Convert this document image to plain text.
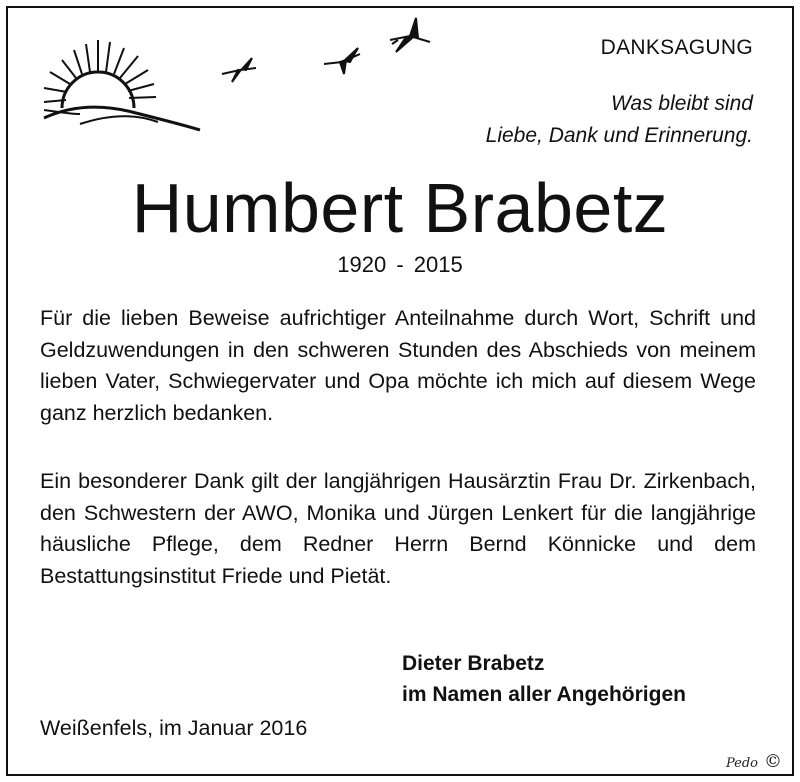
DANKSAGUNG
Was bleibt sind
Liebe, Dank und Erinnerung.
Humbert Brabetz
1920 - 2015
Für die lieben Beweise aufrichtiger Anteilnahme durch Wort, Schrift und Geldzuwendungen in den schweren Stunden des Abschieds von meinem lieben Vater, Schwiegervater und Opa möchte ich mich auf diesem Wege ganz herzlich bedanken.
Ein besonderer Dank gilt der langjährigen Hausärztin Frau Dr. Zirkenbach, den Schwestern der AWO, Monika und Jürgen Lenkert für die langjährige häusliche Pflege, dem Redner Herrn Bernd Könnicke und dem Bestattungsinstitut Friede und Pietät.
Dieter Brabetz
im Namen aller Angehörigen
Weißenfels, im Januar 2016
Pedo ©
